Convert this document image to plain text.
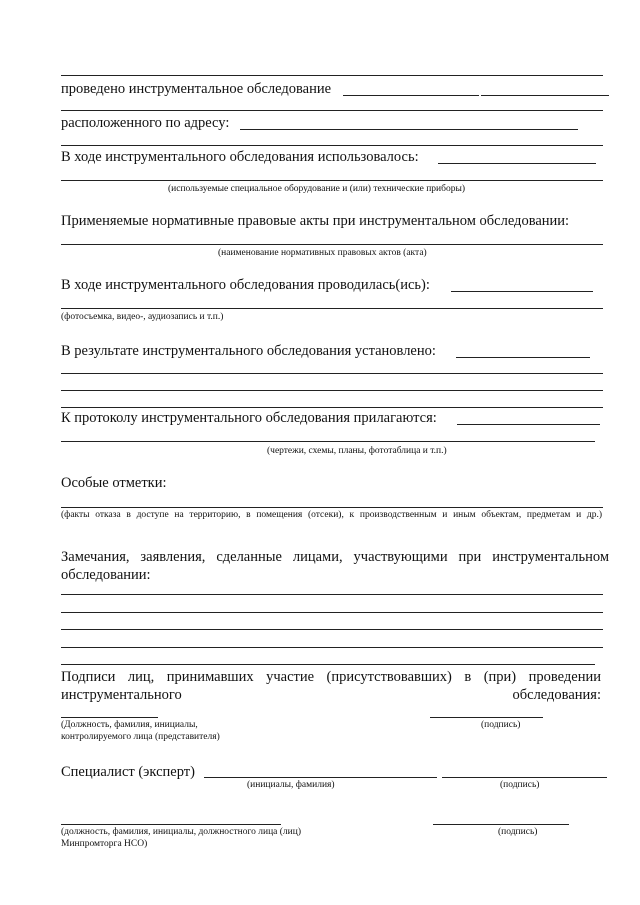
проведено инструментальное обследование
расположенного по адресу:
В ходе инструментального обследования использовалось:
(используемые специальное оборудование и (или) технические приборы)
Применяемые нормативные правовые акты при инструментальном обследовании:
(наименование нормативных правовых актов (акта)
В ходе инструментального обследования проводилась(ись):
(фотосъемка, видео-, аудиозапись и т.п.)
В результате инструментального обследования установлено:
К протоколу инструментального обследования прилагаются:
(чертежи, схемы, планы, фототаблица и т.п.)
Особые отметки:
(факты отказа в доступе на территорию, в помещения (отсеки), к производственным и иным объектам, предметам и др.)
Замечания, заявления, сделанные лицами, участвующими при инструментальном обследовании:
Подписи лиц, принимавших участие (присутствовавших) в (при) проведении инструментального обследования:
(Должность, фамилия, инициалы, контролируемого лица (представителя)
(подпись)
Специалист (эксперт)
(инициалы, фамилия)	(подпись)
(должность, фамилия, инициалы, должностного лица (лиц) Минпромторга НСО)
(подпись)
